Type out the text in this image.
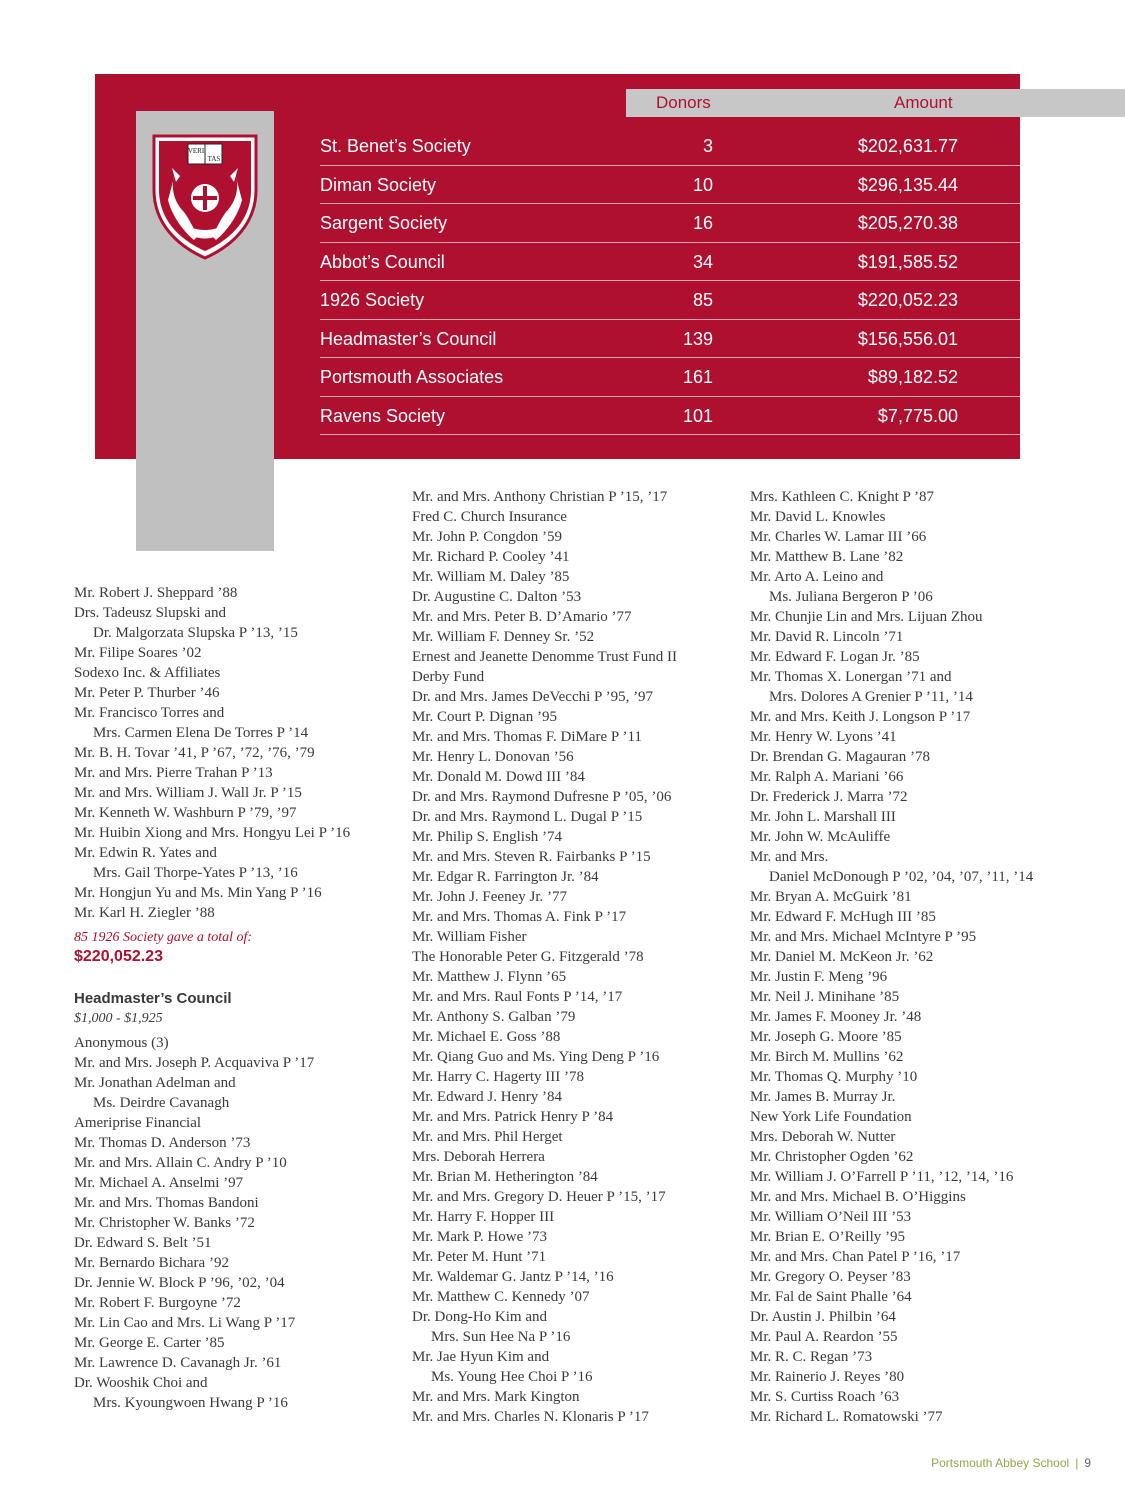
Donors	Amount
VERI
TAS
St. Benet’s Society	3	$202,631.77
Diman Society	10	$296,135.44
Sargent Society	16	$205,270.38
Abbot’s Council	34	$191,585.52
1926 Society	85	$220,052.23
Headmaster’s Council	139	$156,556.01
Portsmouth Associates	161	$89,182.52
Ravens Society	101	$7,775.00
Mr. Robert J. Sheppard ’88
Drs. Tadeusz Slupski and
Dr. Malgorzata Slupska P ’13, ’15
Mr. Filipe Soares ’02
Sodexo Inc. & Affiliates
Mr. Peter P. Thurber ’46
Mr. Francisco Torres and
Mrs. Carmen Elena De Torres P ’14
Mr. B. H. Tovar ’41, P ’67, ’72, ’76, ’79
Mr. and Mrs. Pierre Trahan P ’13
Mr. and Mrs. William J. Wall Jr. P ’15
Mr. Kenneth W. Washburn P ’79, ’97
Mr. Huibin Xiong and Mrs. Hongyu Lei P ’16
Mr. Edwin R. Yates and
Mrs. Gail Thorpe-Yates P ’13, ’16
Mr. Hongjun Yu and Ms. Min Yang P ’16
Mr. Karl H. Ziegler ’88
85 1926 Society gave a total of:
$220,052.23
Headmaster’s Council
$1,000 - $1,925
Anonymous (3)
Mr. and Mrs. Joseph P. Acquaviva P ’17
Mr. Jonathan Adelman and
Ms. Deirdre Cavanagh
Ameriprise Financial
Mr. Thomas D. Anderson ’73
Mr. and Mrs. Allain C. Andry P ’10
Mr. Michael A. Anselmi ’97
Mr. and Mrs. Thomas Bandoni
Mr. Christopher W. Banks ’72
Dr. Edward S. Belt ’51
Mr. Bernardo Bichara ’92
Dr. Jennie W. Block P ’96, ’02, ’04
Mr. Robert F. Burgoyne ’72
Mr. Lin Cao and Mrs. Li Wang P ’17
Mr. George E. Carter ’85
Mr. Lawrence D. Cavanagh Jr. ’61
Dr. Wooshik Choi and
Mrs. Kyoungwoen Hwang P ’16
Mr. and Mrs. Anthony Christian P ’15, ’17
Fred C. Church Insurance
Mr. John P. Congdon ’59
Mr. Richard P. Cooley ’41
Mr. William M. Daley ’85
Dr. Augustine C. Dalton ’53
Mr. and Mrs. Peter B. D’Amario ’77
Mr. William F. Denney Sr. ’52
Ernest and Jeanette Denomme Trust Fund II
Derby Fund
Dr. and Mrs. James DeVecchi P ’95, ’97
Mr. Court P. Dignan ’95
Mr. and Mrs. Thomas F. DiMare P ’11
Mr. Henry L. Donovan ’56
Mr. Donald M. Dowd III ’84
Dr. and Mrs. Raymond Dufresne P ’05, ’06
Dr. and Mrs. Raymond L. Dugal P ’15
Mr. Philip S. English ’74
Mr. and Mrs. Steven R. Fairbanks P ’15
Mr. Edgar R. Farrington Jr. ’84
Mr. John J. Feeney Jr. ’77
Mr. and Mrs. Thomas A. Fink P ’17
Mr. William Fisher
The Honorable Peter G. Fitzgerald ’78
Mr. Matthew J. Flynn ’65
Mr. and Mrs. Raul Fonts P ’14, ’17
Mr. Anthony S. Galban ’79
Mr. Michael E. Goss ’88
Mr. Qiang Guo and Ms. Ying Deng P ’16
Mr. Harry C. Hagerty III ’78
Mr. Edward J. Henry ’84
Mr. and Mrs. Patrick Henry P ’84
Mr. and Mrs. Phil Herget
Mrs. Deborah Herrera
Mr. Brian M. Hetherington ’84
Mr. and Mrs. Gregory D. Heuer P ’15, ’17
Mr. Harry F. Hopper III
Mr. Mark P. Howe ’73
Mr. Peter M. Hunt ’71
Mr. Waldemar G. Jantz P ’14, ’16
Mr. Matthew C. Kennedy ’07
Dr. Dong-Ho Kim and
Mrs. Sun Hee Na P ’16
Mr. Jae Hyun Kim and
Ms. Young Hee Choi P ’16
Mr. and Mrs. Mark Kington
Mr. and Mrs. Charles N. Klonaris P ’17
Mrs. Kathleen C. Knight P ’87
Mr. David L. Knowles
Mr. Charles W. Lamar III ’66
Mr. Matthew B. Lane ’82
Mr. Arto A. Leino and
Ms. Juliana Bergeron P ’06
Mr. Chunjie Lin and Mrs. Lijuan Zhou
Mr. David R. Lincoln ’71
Mr. Edward F. Logan Jr. ’85
Mr. Thomas X. Lonergan ’71 and
Mrs. Dolores A Grenier P ’11, ’14
Mr. and Mrs. Keith J. Longson P ’17
Mr. Henry W. Lyons ’41
Dr. Brendan G. Magauran ’78
Mr. Ralph A. Mariani ’66
Dr. Frederick J. Marra ’72
Mr. John L. Marshall III
Mr. John W. McAuliffe
Mr. and Mrs.
Daniel McDonough P ’02, ’04, ’07, ’11, ’14
Mr. Bryan A. McGuirk ’81
Mr. Edward F. McHugh III ’85
Mr. and Mrs. Michael McIntyre P ’95
Mr. Daniel M. McKeon Jr. ’62
Mr. Justin F. Meng ’96
Mr. Neil J. Minihane ’85
Mr. James F. Mooney Jr. ’48
Mr. Joseph G. Moore ’85
Mr. Birch M. Mullins ’62
Mr. Thomas Q. Murphy ’10
Mr. James B. Murray Jr.
New York Life Foundation
Mrs. Deborah W. Nutter
Mr. Christopher Ogden ’62
Mr. William J. O’Farrell P ’11, ’12, ’14, ’16
Mr. and Mrs. Michael B. O’Higgins
Mr. William O’Neil III ’53
Mr. Brian E. O’Reilly ’95
Mr. and Mrs. Chan Patel P ’16, ’17
Mr. Gregory O. Peyser ’83
Mr. Fal de Saint Phalle ’64
Dr. Austin J. Philbin ’64
Mr. Paul A. Reardon ’55
Mr. R. C. Regan ’73
Mr. Rainerio J. Reyes ’80
Mr. S. Curtiss Roach ’63
Mr. Richard L. Romatowski ’77
Portsmouth Abbey School | 9
